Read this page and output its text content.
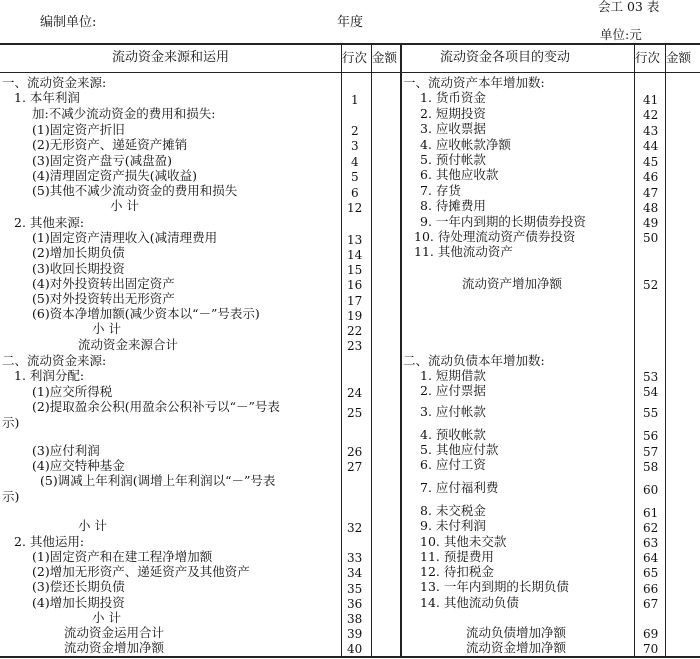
会工 03 表
编制单位:	年度
单位:元
流动资金来源和运用	行次 金额	流动资金各项目的变动	行次 金额
一、流动资金来源:
1. 本年利润	1
加:不减少流动资金的费用和损失:
(1)固定资产折旧	2
(2)无形资产、递延资产摊销	3
(3)固定资产盘亏(减盘盈)	4
(4)清理固定资产损失(减收益)	5
(5)其他不减少流动资金的费用和损失	6
小 计	12
2. 其他来源:
(1)固定资产清理收入(减清理费用	13
(2)增加长期负债	14
(3)收回长期投资	15
(4)对外投资转出固定资产	16
(5)对外投资转出无形资产	17
(6)资本净增加额(减少资本以“－”号表示)	19
小 计	22
流动资金来源合计	23
二、流动资金来源:
1. 利润分配:
(1)应交所得税	24
(2)提取盈余公积(用盈余公积补亏以“－”号表	25
示)
(3)应付利润	26
(4)应交特种基金	27
(5)调减上年利润(调增上年利润以“－”号表
示)
小 计	32
2. 其他运用:
(1)固定资产和在建工程净增加额	33
(2)增加无形资产、递延资产及其他资产	34
(3)偿还长期负债	35
(4)增加长期投资	36
小 计	38
流动资金运用合计	39
流动资金增加净额	40
一、流动资产本年增加数:
1. 货币资金	41
2. 短期投资	42
3. 应收票据	43
4. 应收帐款净额	44
5. 预付帐款	45
6. 其他应收款	46
7. 存货	47
8. 待摊费用	48
9. 一年内到期的长期债券投资	49
10. 待处理流动资产债券投资	50
11. 其他流动资产
流动资产增加净额	52
二、流动负债本年增加数:
1. 短期借款	53
2. 应付票据	54
3. 应付帐款	55
4. 预收帐款	56
5. 其他应付款	57
6. 应付工资	58
7. 应付福利费	60
8. 未交税金	61
9. 未付利润	62
10. 其他未交款	63
11. 预提费用	64
12. 待扣税金	65
13. 一年内到期的长期负债	66
14. 其他流动负债	67
流动负债增加净额	69
流动资金增加净额	70
